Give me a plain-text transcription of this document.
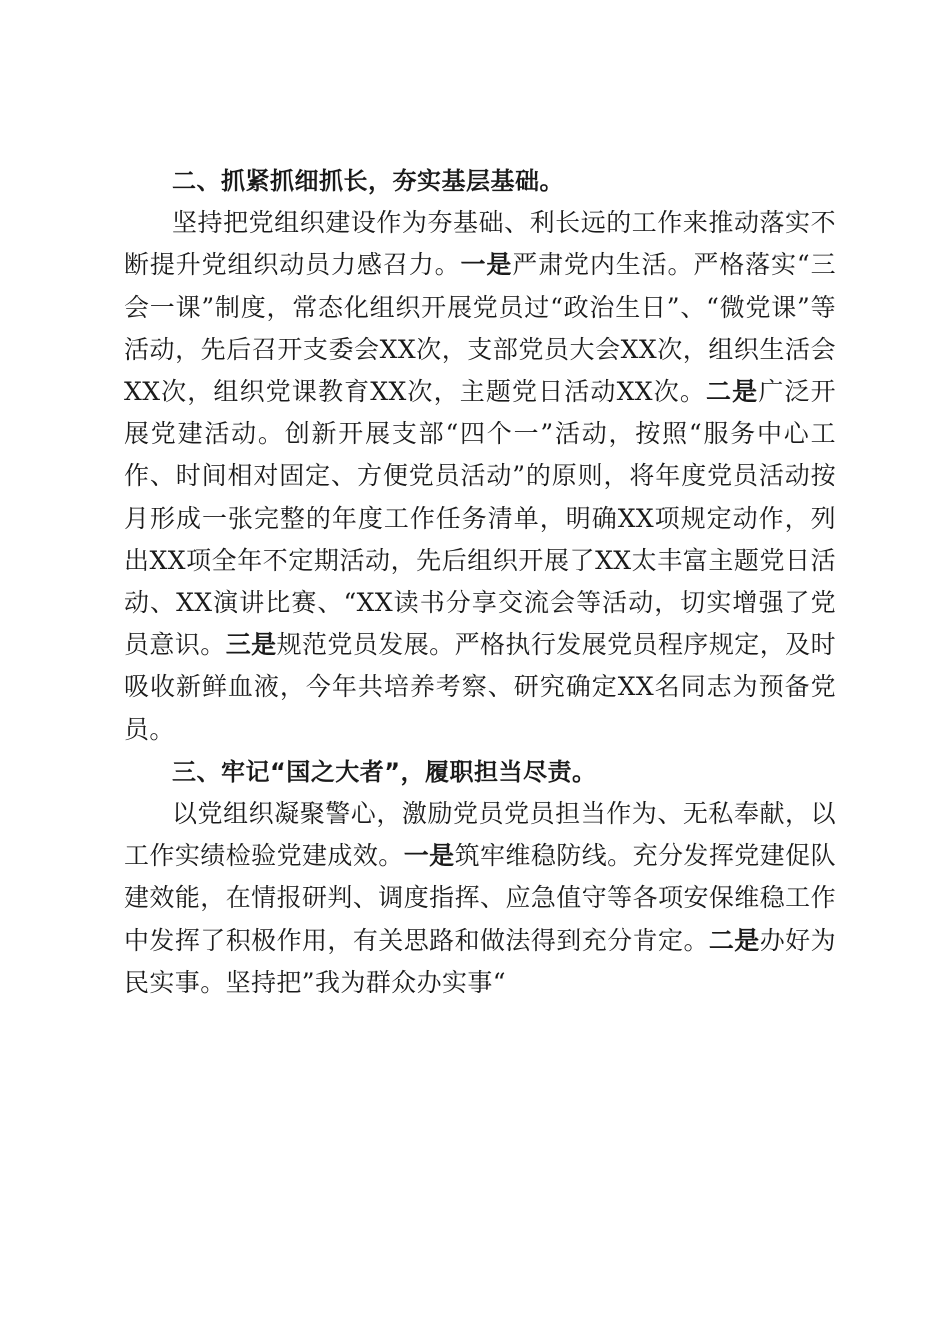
二、抓紧抓细抓长，夯实基层基础。

坚持把党组织建设作为夯基础、利长远的工作来推动落实不断提升党组织动员力感召力。一是严肃党内生活。严格落实“三会一课”制度，常态化组织开展党员过“政治生日”、“微党课”等活动，先后召开支委会XX次，支部党员大会XX次，组织生活会XX次，组织党课教育XX次，主题党日活动XX次。二是广泛开展党建活动。创新开展支部“四个一”活动，按照“服务中心工作、时间相对固定、方便党员活动”的原则，将年度党员活动按月形成一张完整的年度工作任务清单，明确XX项规定动作，列出XX项全年不定期活动，先后组织开展了XX太丰富主题党日活动、XX演讲比赛、“XX读书分享交流会等活动，切实增强了党员意识。三是规范党员发展。严格执行发展党员程序规定，及时吸收新鲜血液，今年共培养考察、研究确定XX名同志为预备党员。

三、牢记“国之大者”，履职担当尽责。

以党组织凝聚警心，激励党员党员担当作为、无私奉献，以工作实绩检验党建成效。一是筑牢维稳防线。充分发挥党建促队建效能，在情报研判、调度指挥、应急值守等各项安保维稳工作中发挥了积极作用，有关思路和做法得到充分肯定。二是办好为民实事。坚持把”我为群众办实事“
